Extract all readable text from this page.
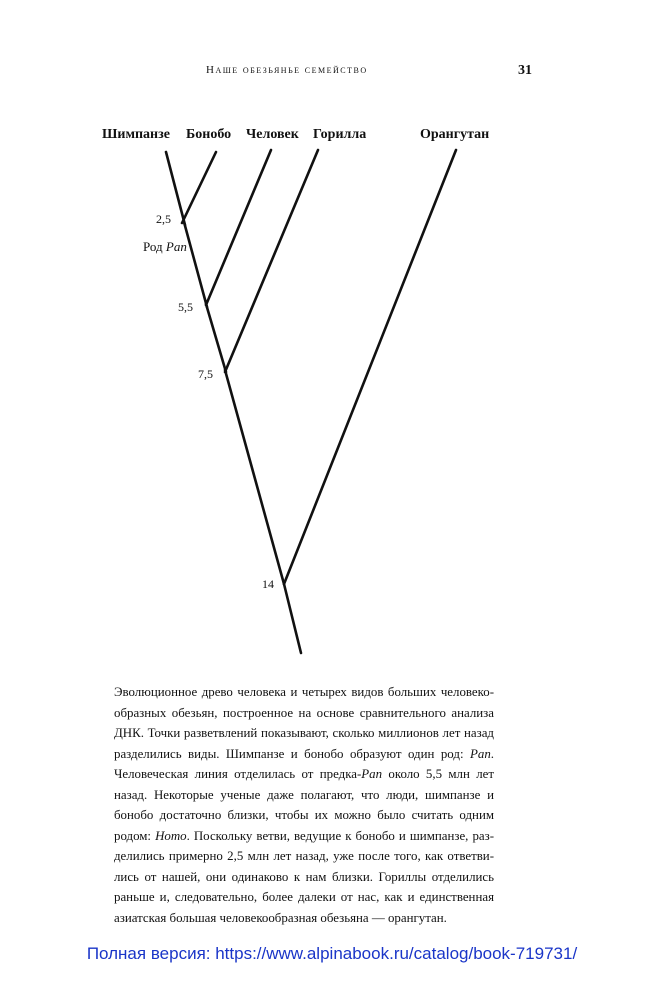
Наше обезьянье семейство	31
Шимпанзе Бонобо Человек Горилла	Орангутан
2,5
Род Pan
5,5
7,5
14
Эволюционное древо человека и четырех видов больших человекообразных обезьян, построенное на основе сравнительного анализа ДНК. Точки разветвлений показывают, сколько миллионов лет назад разделились виды. Шимпанзе и бонобо образуют один род: Pan. Человеческая линия отделилась от предка-Pan около 5,5 млн лет назад. Некоторые ученые даже полагают, что люди, шимпанзе и бонобо достаточно близки, чтобы их можно было считать одним родом: Homo. Поскольку ветви, ведущие к бонобо и шимпанзе, разделились примерно 2,5 млн лет назад, уже после того, как ответвились от нашей, они одинаково к нам близки. Гориллы отделились раньше и, следовательно, более далеки от нас, как и единственная азиатская большая человекообразная обезьяна — орангутан.
Полная версия: https://www.alpinabook.ru/catalog/book-719731/
